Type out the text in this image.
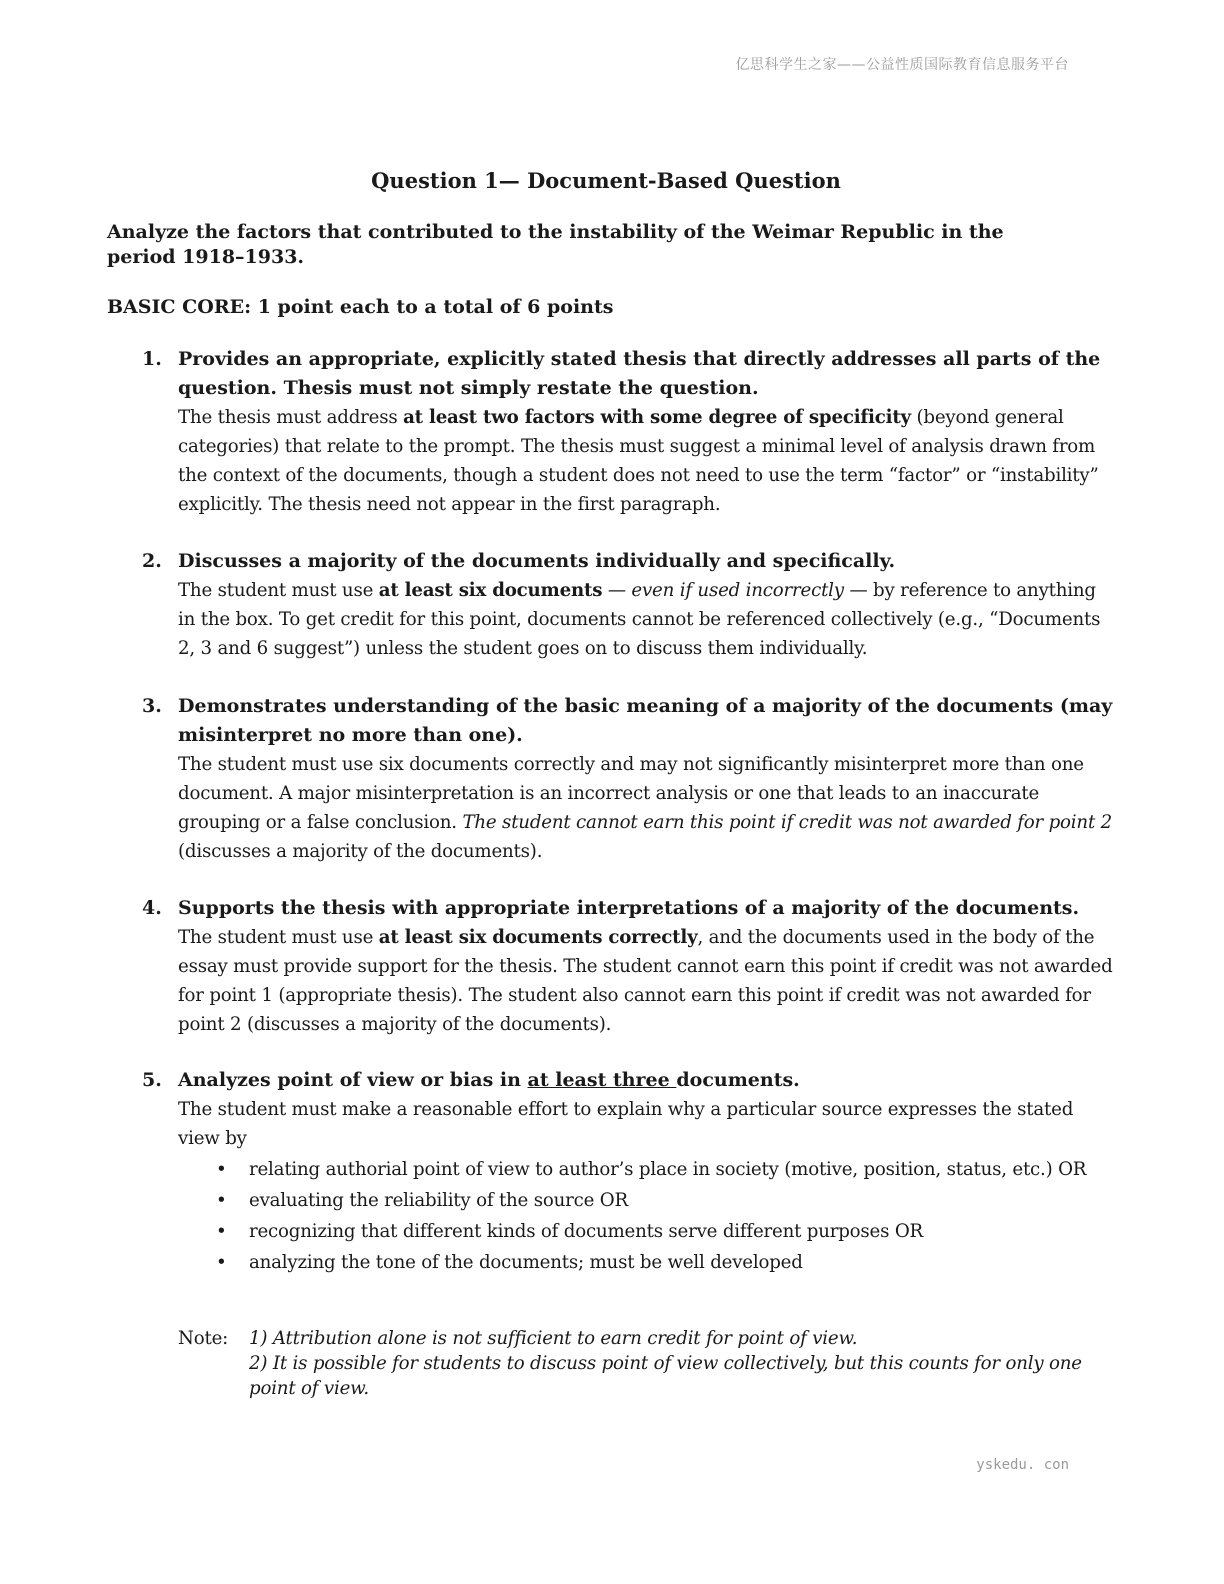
亿思科学生之家——公益性质国际教育信息服务平台
Question 1— Document-Based Question

Analyze the factors that contributed to the instability of the Weimar Republic in the period 1918–1933.

BASIC CORE: 1 point each to a total of 6 points

1. Provides an appropriate, explicitly stated thesis that directly addresses all parts of the question. Thesis must not simply restate the question.
The thesis must address at least two factors with some degree of specificity (beyond general categories) that relate to the prompt. The thesis must suggest a minimal level of analysis drawn from the context of the documents, though a student does not need to use the term “factor” or “instability” explicitly. The thesis need not appear in the first paragraph.
2. Discusses a majority of the documents individually and specifically.
The student must use at least six documents — even if used incorrectly — by reference to anything in the box. To get credit for this point, documents cannot be referenced collectively (e.g., “Documents 2, 3 and 6 suggest”) unless the student goes on to discuss them individually.
3. Demonstrates understanding of the basic meaning of a majority of the documents (may misinterpret no more than one).
The student must use six documents correctly and may not significantly misinterpret more than one document. A major misinterpretation is an incorrect analysis or one that leads to an inaccurate grouping or a false conclusion. The student cannot earn this point if credit was not awarded for point 2 (discusses a majority of the documents).
4. Supports the thesis with appropriate interpretations of a majority of the documents.
The student must use at least six documents correctly, and the documents used in the body of the essay must provide support for the thesis. The student cannot earn this point if credit was not awarded for point 1 (appropriate thesis). The student also cannot earn this point if credit was not awarded for point 2 (discusses a majority of the documents).
5. Analyzes point of view or bias in at least three documents.
The student must make a reasonable effort to explain why a particular source expresses the stated view by
• relating authorial point of view to author’s place in society (motive, position, status, etc.) OR
• evaluating the reliability of the source OR
• recognizing that different kinds of documents serve different purposes OR
• analyzing the tone of the documents; must be well developed
Note: 1) Attribution alone is not sufficient to earn credit for point of view.
2) It is possible for students to discuss point of view collectively, but this counts for only one point of view.
yskedu. con
